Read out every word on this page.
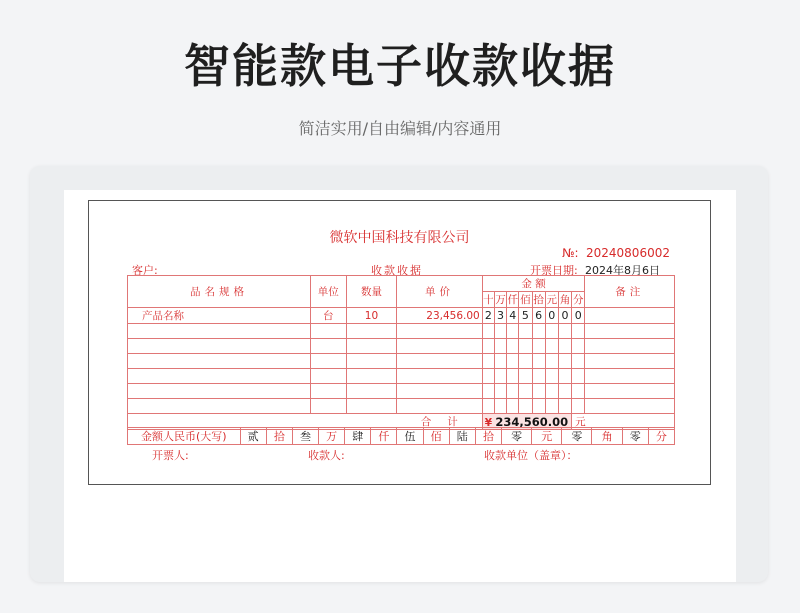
智能款电子收款收据
简洁实用/自由编辑/内容通用
微软中国科技有限公司
№: 20240806002
客户:	收款收据	开票日期: 2024年8月6日
品名规格	单位	数量	单价	金 额								备注
				十	万	仟	佰	拾	元	角	分	
产品名称	台	10	23,456.00	2	3	4	5	6	0	0	0	

合计				¥ 234,560.00							元	
金额人民币(大写)	贰	拾	叁	万	肆	仟	伍	佰	陆	拾	零	元	零	角	零	分
开票人:	收款人:	收款单位（盖章）：
